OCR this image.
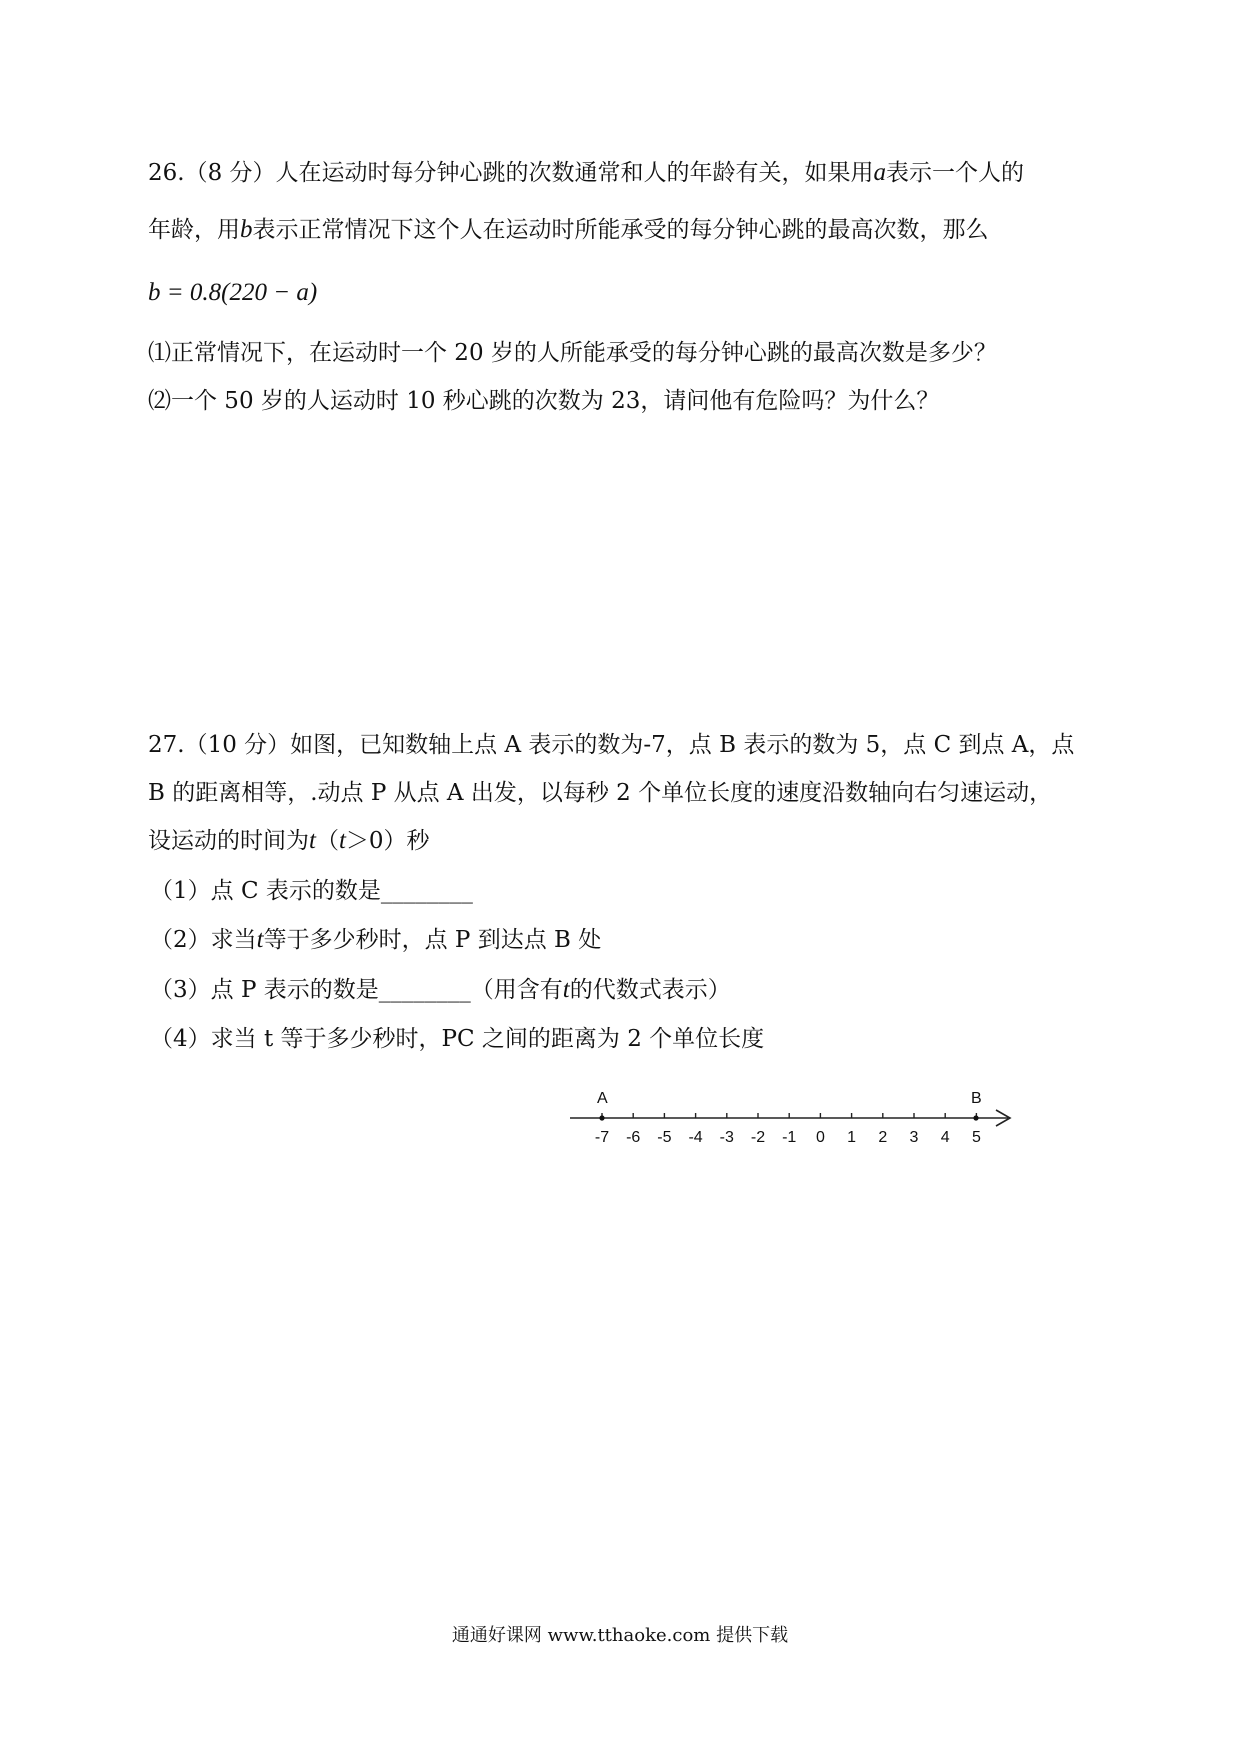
26.（8 分）人在运动时每分钟心跳的次数通常和人的年龄有关，如果用a表示一个人的
年龄，用b表示正常情况下这个人在运动时所能承受的每分钟心跳的最高次数，那么
b = 0.8(220 − a)
⑴正常情况下，在运动时一个 20 岁的人所能承受的每分钟心跳的最高次数是多少？
⑵一个 50 岁的人运动时 10 秒心跳的次数为 23，请问他有危险吗？为什么？
27.（10 分）如图，已知数轴上点 A 表示的数为-7，点 B 表示的数为 5，点 C 到点 A，点
B 的距离相等，.动点 P 从点 A 出发，以每秒 2 个单位长度的速度沿数轴向右匀速运动，
设运动的时间为t（t＞0）秒
（1）点 C 表示的数是________
（2）求当t等于多少秒时，点 P 到达点 B 处
（3）点 P 表示的数是________（用含有t的代数式表示）
（4）求当 t 等于多少秒时，PC 之间的距离为 2 个单位长度
-7 -6 -5 -4 -3 -2 -1 0 1 2 3 4 5
A	B
通通好课网 www.tthaoke.com 提供下载
